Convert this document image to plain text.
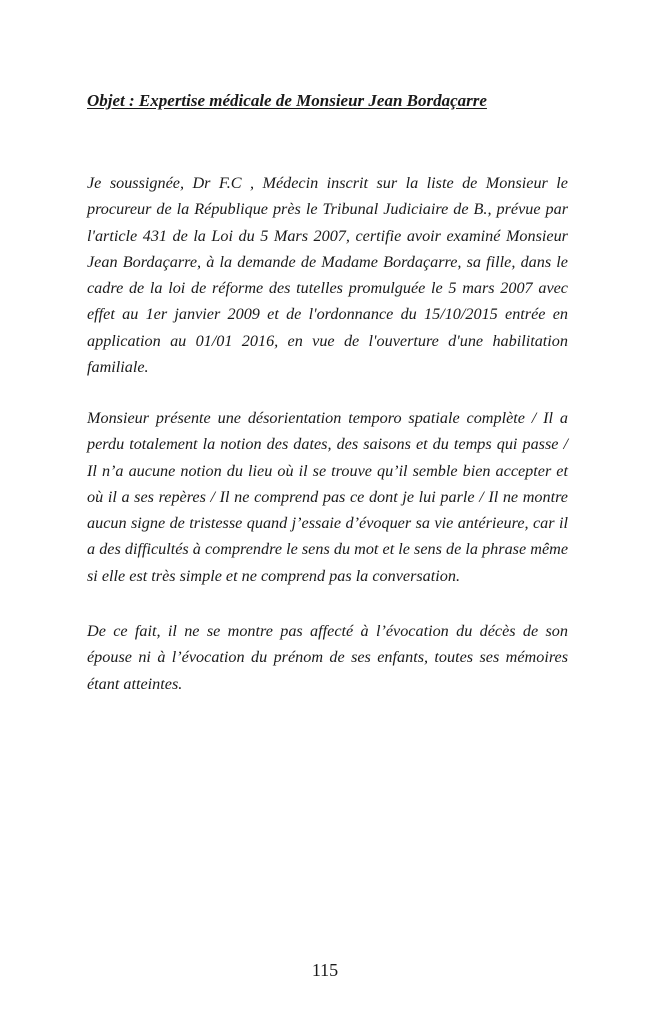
Objet : Expertise médicale de Monsieur Jean Bordaçarre

Je soussignée, Dr F.C , Médecin inscrit sur la liste de Monsieur le procureur de la République près le Tribunal Judiciaire de B., prévue par l'article 431 de la Loi du 5 Mars 2007, certifie avoir examiné Monsieur Jean Bordaçarre, à la demande de Madame Bordaçarre, sa fille, dans le cadre de la loi de réforme des tutelles promulguée le 5 mars 2007 avec effet au 1er janvier 2009 et de l'ordonnance du 15/10/2015 entrée en application au 01/01 2016, en vue de l'ouverture d'une habilitation familiale.

Monsieur présente une désorientation temporo spatiale complète / Il a perdu totalement la notion des dates, des saisons et du temps qui passe / Il n’a aucune notion du lieu où il se trouve qu’il semble bien accepter et où il a ses repères / Il ne comprend pas ce dont je lui parle / Il ne montre aucun signe de tristesse quand j’essaie d’évoquer sa vie antérieure, car il a des difficultés à comprendre le sens du mot et le sens de la phrase même si elle est très simple et ne comprend pas la conversation.

De ce fait, il ne se montre pas affecté à l’évocation du décès de son épouse ni à l’évocation du prénom de ses enfants, toutes ses mémoires étant atteintes.

115
